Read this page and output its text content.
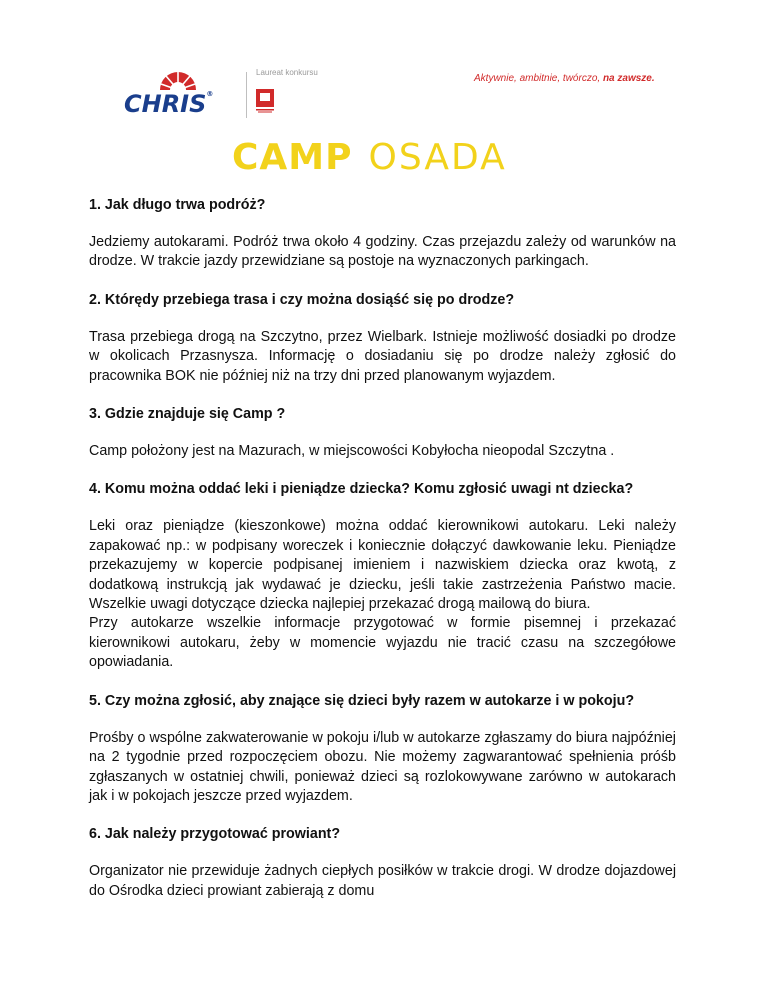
CHRIS®
Laureat konkursu
Aktywnie, ambitnie, twórczo, na zawsze.
CAMP OSADA
1. Jak długo trwa podróż?
Jedziemy autokarami. Podróż trwa około 4 godziny. Czas przejazdu zależy od warunków na drodze. W trakcie jazdy przewidziane są postoje na wyznaczonych parkingach.
2. Którędy przebiega trasa i czy można dosiąść się po drodze?
Trasa przebiega drogą na Szczytno, przez Wielbark. Istnieje możliwość dosiadki po drodze w okolicach Przasnysza. Informację o dosiadaniu się po drodze należy zgłosić do pracownika BOK nie później niż na trzy dni przed planowanym wyjazdem.
3. Gdzie znajduje się Camp ?
Camp położony jest na Mazurach, w miejscowości Kobyłocha nieopodal Szczytna .
4. Komu można oddać leki i pieniądze dziecka? Komu zgłosić uwagi nt dziecka?
Leki oraz pieniądze (kieszonkowe) można oddać kierownikowi autokaru. Leki należy zapakować np.: w podpisany woreczek i koniecznie dołączyć dawkowanie leku. Pieniądze przekazujemy w kopercie podpisanej imieniem i nazwiskiem dziecka oraz kwotą, z dodatkową instrukcją jak wydawać je dziecku, jeśli takie zastrzeżenia Państwo macie. Wszelkie uwagi dotyczące dziecka najlepiej przekazać drogą mailową do biura.
Przy autokarze wszelkie informacje przygotować w formie pisemnej i przekazać kierownikowi autokaru, żeby w momencie wyjazdu nie tracić czasu na szczegółowe opowiadania.
5. Czy można zgłosić, aby znające się dzieci były razem w autokarze i w pokoju?
Prośby o wspólne zakwaterowanie w pokoju i/lub w autokarze zgłaszamy do biura najpóźniej na 2 tygodnie przed rozpoczęciem obozu. Nie możemy zagwarantować spełnienia próśb zgłaszanych w ostatniej chwili, ponieważ dzieci są rozlokowywane zarówno w autokarach jak i w pokojach jeszcze przed wyjazdem.
6. Jak należy przygotować prowiant?
Organizator nie przewiduje żadnych ciepłych posiłków w trakcie drogi. W drodze dojazdowej do Ośrodka dzieci prowiant zabierają z domu
